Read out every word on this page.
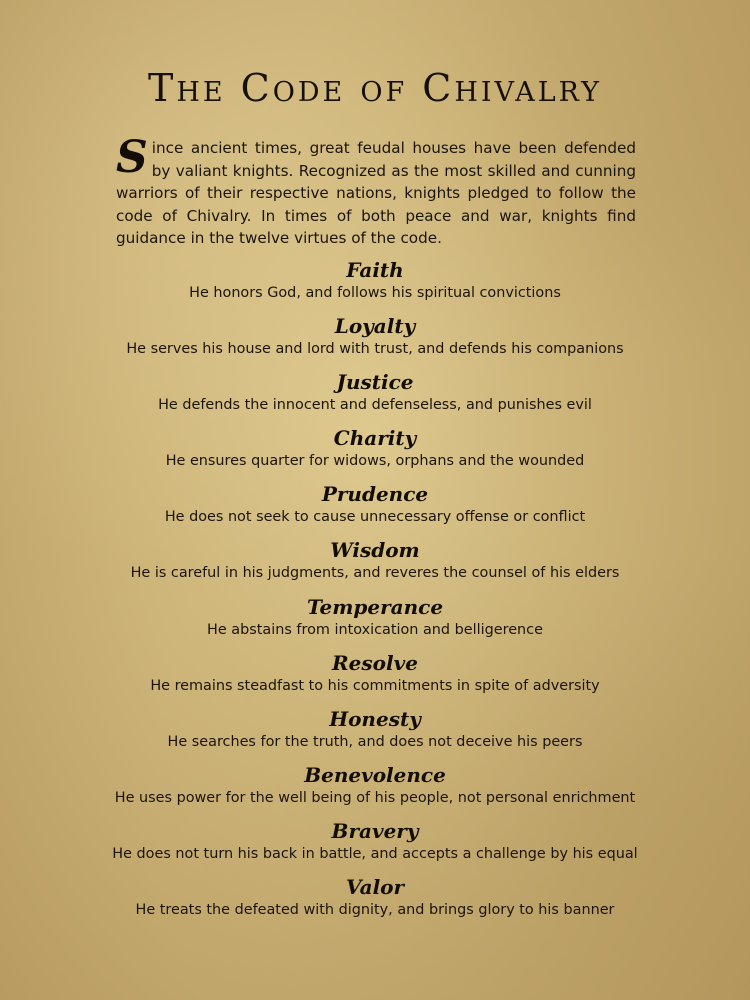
The Code of Chivalry

Since ancient times, great feudal houses have been defended by valiant knights. Recognized as the most skilled and cunning warriors of their respective nations, knights pledged to follow the code of Chivalry. In times of both peace and war, knights find guidance in the twelve virtues of the code.

Faith
He honors God, and follows his spiritual convictions
Loyalty
He serves his house and lord with trust, and defends his companions
Justice
He defends the innocent and defenseless, and punishes evil
Charity
He ensures quarter for widows, orphans and the wounded
Prudence
He does not seek to cause unnecessary offense or conflict
Wisdom
He is careful in his judgments, and reveres the counsel of his elders
Temperance
He abstains from intoxication and belligerence
Resolve
He remains steadfast to his commitments in spite of adversity
Honesty
He searches for the truth, and does not deceive his peers
Benevolence
He uses power for the well being of his people, not personal enrichment
Bravery
He does not turn his back in battle, and accepts a challenge by his equal
Valor
He treats the defeated with dignity, and brings glory to his banner
